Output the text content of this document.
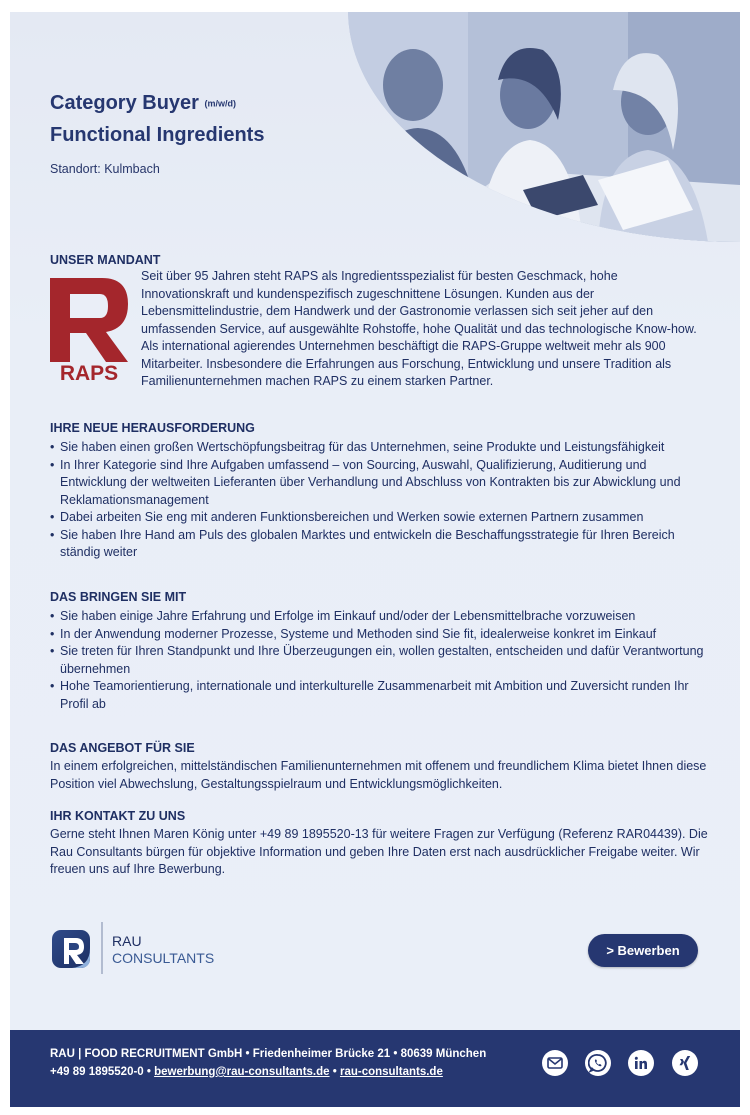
Category Buyer (m/w/d)
Functional Ingredients
Standort: Kulmbach
UNSER MANDANT
RAPS
Seit über 95 Jahren steht RAPS als Ingredientsspezialist für besten Geschmack, hohe Innovationskraft und kundenspezifisch zugeschnittene Lösungen. Kunden aus der Lebensmittelindustrie, dem Handwerk und der Gastronomie verlassen sich seit jeher auf den umfassenden Service, auf ausgewählte Rohstoffe, hohe Qualität und das technologische Know-how. Als international agierendes Unternehmen beschäftigt die RAPS-Gruppe weltweit mehr als 900 Mitarbeiter. Insbesondere die Erfahrungen aus Forschung, Entwicklung und unsere Tradition als Familienunternehmen machen RAPS zu einem starken Partner.
IHRE NEUE HERAUSFORDERUNG
• Sie haben einen großen Wertschöpfungsbeitrag für das Unternehmen, seine Produkte und Leistungsfähigkeit
• In Ihrer Kategorie sind Ihre Aufgaben umfassend – von Sourcing, Auswahl, Qualifizierung, Auditierung und Entwicklung der weltweiten Lieferanten über Verhandlung und Abschluss von Kontrakten bis zur Abwicklung und Reklamationsmanagement
• Dabei arbeiten Sie eng mit anderen Funktionsbereichen und Werken sowie externen Partnern zusammen
• Sie haben Ihre Hand am Puls des globalen Marktes und entwickeln die Beschaffungsstrategie für Ihren Bereich ständig weiter
DAS BRINGEN SIE MIT
• Sie haben einige Jahre Erfahrung und Erfolge im Einkauf und/oder der Lebensmittelbrache vorzuweisen
• In der Anwendung moderner Prozesse, Systeme und Methoden sind Sie fit, idealerweise konkret im Einkauf
• Sie treten für Ihren Standpunkt und Ihre Überzeugungen ein, wollen gestalten, entscheiden und dafür Verantwortung übernehmen
• Hohe Teamorientierung, internationale und interkulturelle Zusammenarbeit mit Ambition und Zuversicht runden Ihr Profil ab
DAS ANGEBOT FÜR SIE
In einem erfolgreichen, mittelständischen Familienunternehmen mit offenem und freundlichem Klima bietet Ihnen diese Position viel Abwechslung, Gestaltungsspielraum und Entwicklungsmöglichkeiten.
IHR KONTAKT ZU UNS
Gerne steht Ihnen Maren König unter +49 89 1895520-13 für weitere Fragen zur Verfügung (Referenz RAR04439). Die Rau Consultants bürgen für objektive Information und geben Ihre Daten erst nach ausdrücklicher Freigabe weiter. Wir freuen uns auf Ihre Bewerbung.
RAU
CONSULTANTS	> Bewerben
RAU | FOOD RECRUITMENT GmbH • Friedenheimer Brücke 21 • 80639 München
+49 89 1895520-0 • bewerbung@rau-consultants.de • rau-consultants.de
